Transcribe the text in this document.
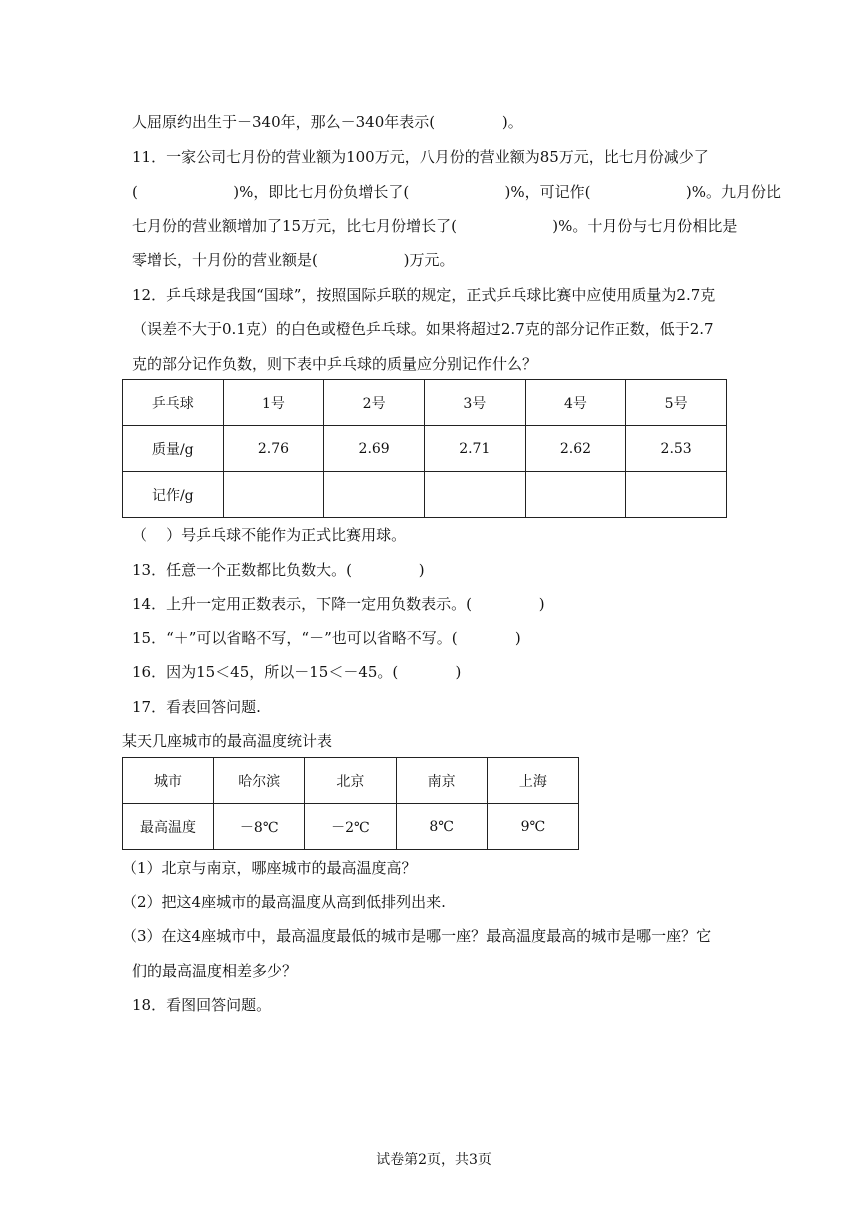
人屈原约出生于－340年，那么－340年表示(              )。
11．一家公司七月份的营业额为100万元，八月份的营业额为85万元，比七月份减少了
(                    )%，即比七月份负增长了(                    )%，可记作(                    )%。九月份比
七月份的营业额增加了15万元，比七月份增长了(                    )%。十月份与七月份相比是
零增长，十月份的营业额是(                  )万元。
12．乒乓球是我国“国球”，按照国际乒联的规定，正式乒乓球比赛中应使用质量为2.7克
（误差不大于0.1克）的白色或橙色乒乓球。如果将超过2.7克的部分记作正数，低于2.7
克的部分记作负数，则下表中乒乓球的质量应分别记作什么？
乒乓球	1号	2号	3号	4号	5号
质量/g	2.76	2.69	2.71	2.62	2.53
记作/g					
（    ）号乒乓球不能作为正式比赛用球。
13．任意一个正数都比负数大。(              )
14．上升一定用正数表示，下降一定用负数表示。(              )
15．“＋”可以省略不写，“－”也可以省略不写。(            )
16．因为15＜45，所以－15＜－45。(            )
17．看表回答问题.
某天几座城市的最高温度统计表
城市	哈尔滨	北京	南京	上海
最高温度	－8℃	－2℃	8℃	9℃
（1）北京与南京，哪座城市的最高温度高？
（2）把这4座城市的最高温度从高到低排列出来.
（3）在这4座城市中，最高温度最低的城市是哪一座？最高温度最高的城市是哪一座？它
们的最高温度相差多少？
18．看图回答问题。
试卷第2页，共3页
